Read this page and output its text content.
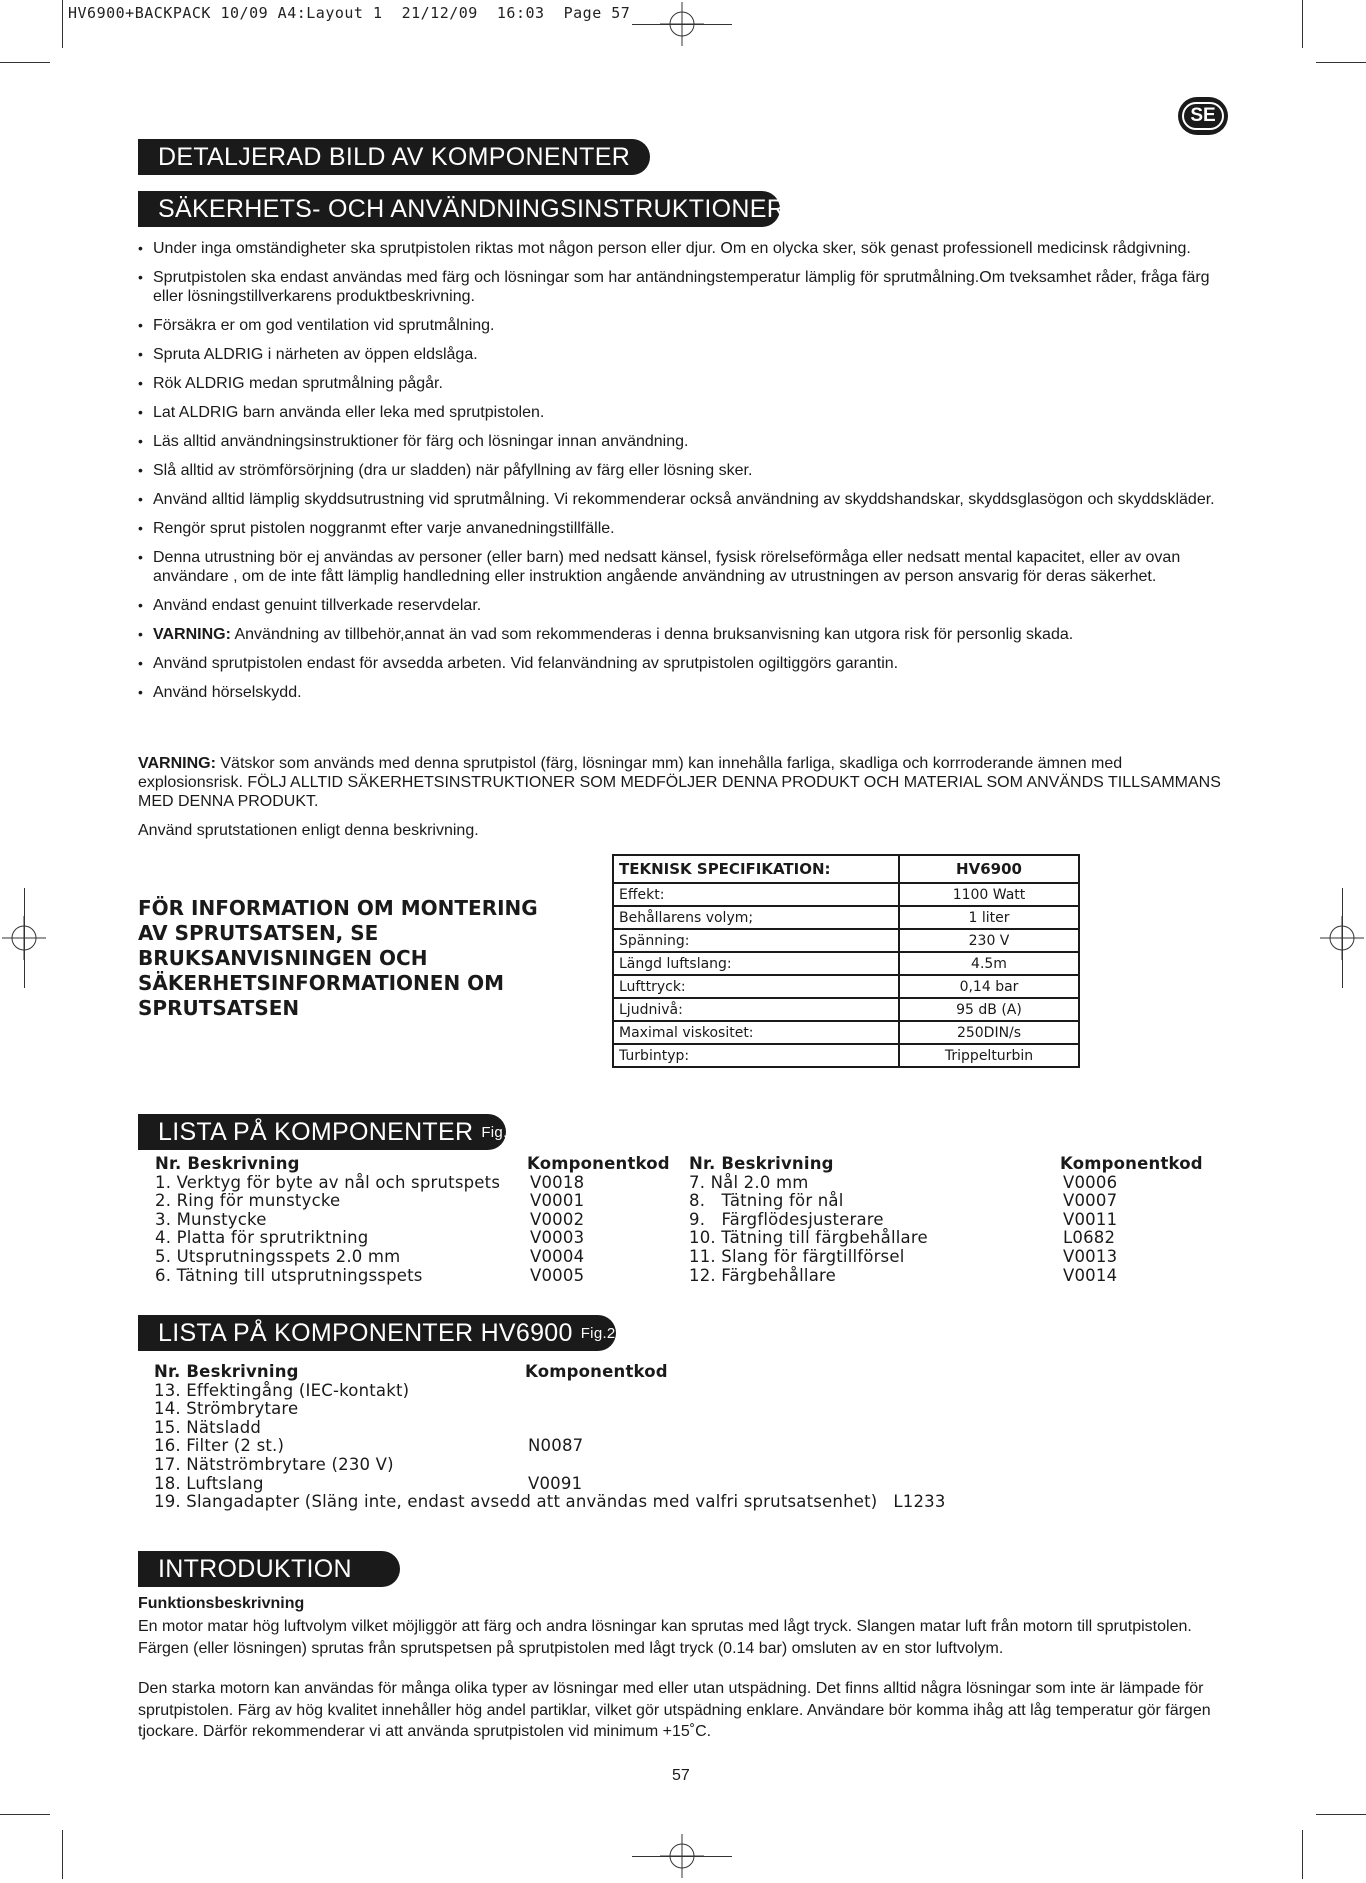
HV6900+BACKPACK 10/09 A4:Layout 1  21/12/09  16:03  Page 57
SE
DETALJERAD BILD AV KOMPONENTER
SÄKERHETS- OCH ANVÄNDNINGSINSTRUKTIONER
• Under inga omständigheter ska sprutpistolen riktas mot någon person eller djur. Om en olycka sker, sök genast professionell medicinsk rådgivning.
• Sprutpistolen ska endast användas med färg och lösningar som har antändningstemperatur lämplig för sprutmålning.Om tveksamhet råder, fråga färg eller lösningstillverkarens produktbeskrivning.
• Försäkra er om god ventilation vid sprutmålning.
• Spruta ALDRIG i närheten av öppen eldslåga.
• Rök ALDRIG medan sprutmålning pågår.
• Lat ALDRIG barn använda eller leka med sprutpistolen.
• Läs alltid användningsinstruktioner för färg och lösningar innan användning.
• Slå alltid av strömförsörjning (dra ur sladden) när påfyllning av färg eller lösning sker.
• Använd alltid lämplig skyddsutrustning vid sprutmålning. Vi rekommenderar också användning av skyddshandskar, skyddsglasögon och skyddskläder.
• Rengör sprut pistolen noggranmt efter varje anvanedningstillfälle.
• Denna utrustning bör ej användas av personer (eller barn) med nedsatt känsel, fysisk rörelseförmåga eller nedsatt mental kapacitet, eller av ovan användare , om de inte fått lämplig handledning eller instruktion angående användning av utrustningen av person ansvarig för deras säkerhet.
• Använd endast genuint tillverkade reservdelar.
• VARNING: Användning av tillbehör,annat än vad som rekommenderas i denna bruksanvisning kan utgora risk för personlig skada.
• Använd sprutpistolen endast för avsedda arbeten. Vid felanvändning av sprutpistolen ogiltiggörs garantin.
• Använd hörselskydd.
VARNING: Vätskor som används med denna sprutpistol (färg, lösningar mm) kan innehålla farliga, skadliga och korrroderande ämnen med explosionsrisk. FÖLJ ALLTID SÄKERHETSINSTRUKTIONER SOM MEDFÖLJER DENNA PRODUKT OCH MATERIAL SOM ANVÄNDS TILLSAMMANS MED DENNA PRODUKT.
Använd sprutstationen enligt denna beskrivning.
FÖR INFORMATION OM MONTERING AV SPRUTSATSEN, SE BRUKSANVISNINGEN OCH SÄKERHETSINFORMATIONEN OM SPRUTSATSEN
TEKNISK SPECIFIKATION:	HV6900
Effekt:	1100 Watt
Behållarens volym;	1 liter
Spänning:	230 V
Längd luftslang:	4.5m
Lufttryck:	0,14 bar
Ljudnivå:	95 dB (A)
Maximal viskositet:	250DIN/s
Turbintyp:	Trippelturbin
LISTA PÅ KOMPONENTER Fig.1
Nr. Beskrivning	Komponentkod
1. Verktyg för byte av nål och sprutspets V0018
2. Ring för munstycke	V0001
3. Munstycke	V0002
4. Platta för sprutriktning	V0003
5. Utsprutningsspets 2.0 mm	V0004
6. Tätning till utsprutningsspets	V0005
Nr. Beskrivning	Komponentkod
7. Nål 2.0 mm	V0006
8.   Tätning för nål	V0007
9.   Färgflödesjusterare	V0011
10. Tätning till färgbehållare	L0682
11. Slang för färgtillförsel	V0013
12. Färgbehållare	V0014
LISTA PÅ KOMPONENTER HV6900 Fig.2
Nr. Beskrivning	Komponentkod
13. Effektingång (IEC-kontakt)
14. Strömbrytare
15. Nätsladd
16. Filter (2 st.)	N0087
17. Nätströmbrytare (230 V)
18. Luftslang	V0091
19. Slangadapter (Släng inte, endast avsedd att användas med valfri sprutsatsenhet) L1233
INTRODUKTION
Funktionsbeskrivning
En motor matar hög luftvolym vilket möjliggör att färg och andra lösningar kan sprutas med lågt tryck. Slangen matar luft från motorn till sprutpistolen. Färgen (eller lösningen) sprutas från sprutspetsen på sprutpistolen med lågt tryck (0.14 bar) omsluten av en stor luftvolym.
Den starka motorn kan användas för många olika typer av lösningar med eller utan utspädning. Det finns alltid några lösningar som inte är lämpade för sprutpistolen. Färg av hög kvalitet innehåller hög andel partiklar, vilket gör utspädning enklare. Användare bör komma ihåg att låg temperatur gör färgen tjockare. Därför rekommenderar vi att använda sprutpistolen vid minimum +15˚C.
57
